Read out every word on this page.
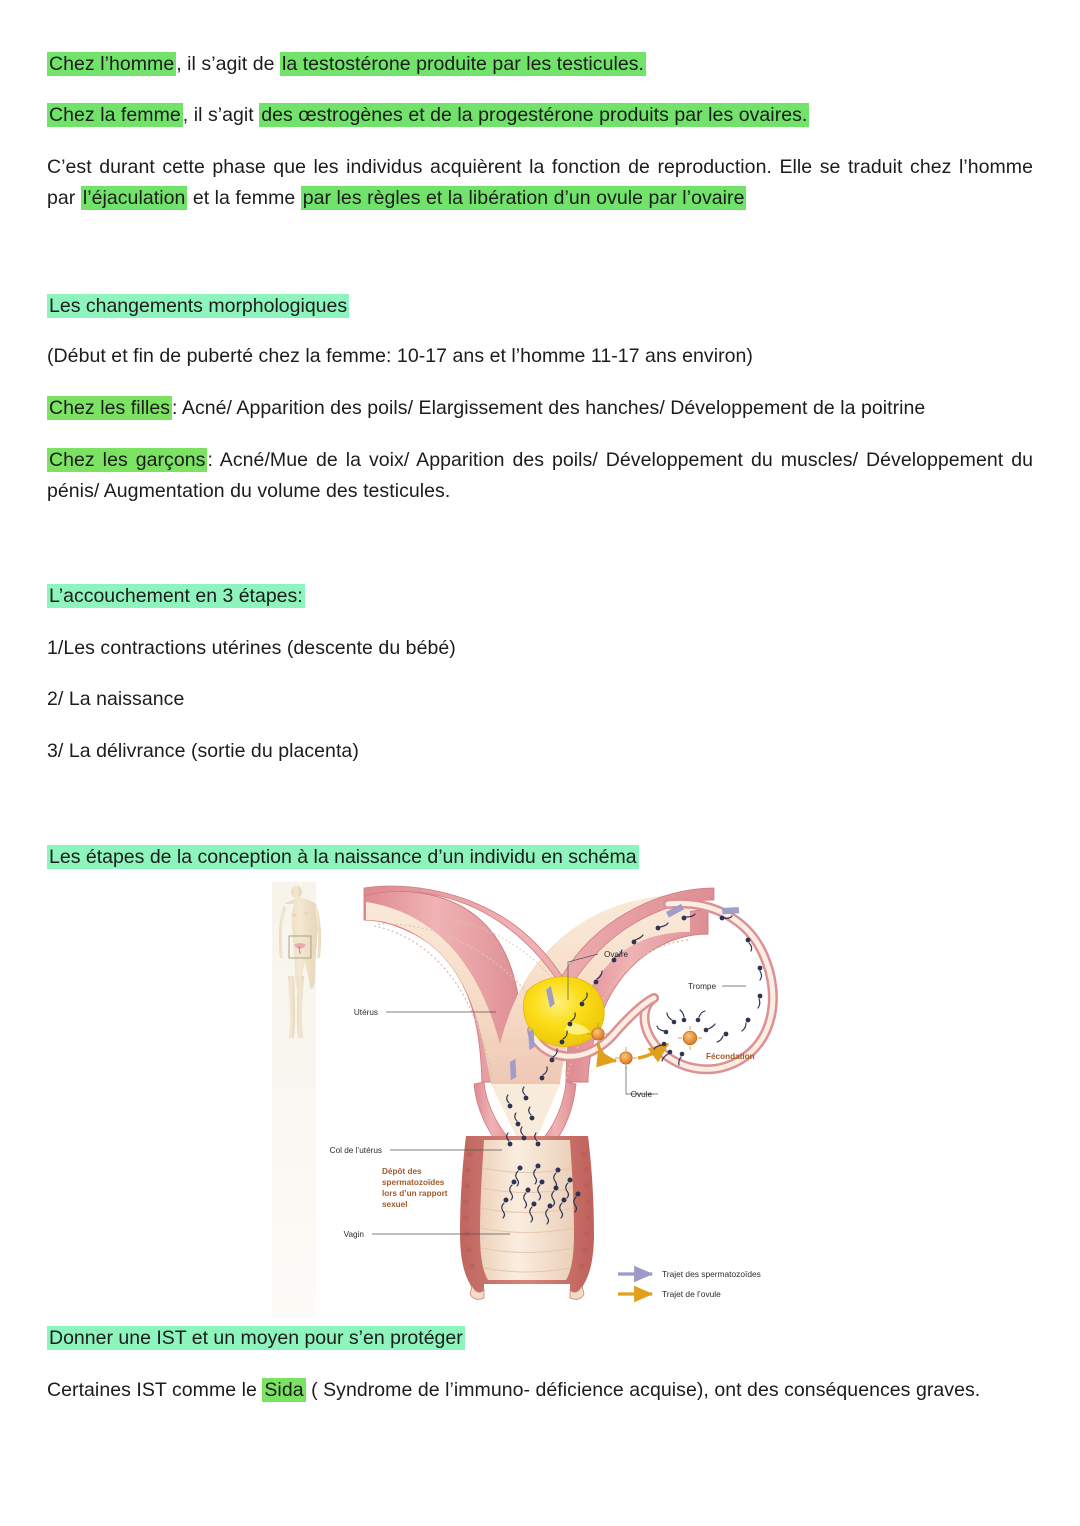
Chez l’homme , il s’agit de la testostérone produite par les testicules.
Chez la femme , il s’agit des œstrogènes et de la progestérone produits par les ovaires.
C’est durant cette phase que les individus acquièrent la fonction de reproduction. Elle se traduit chez l’homme par l’éjaculation et la femme par les règles et la libération d’un ovule par l’ovaire
Les changements morphologiques
(Début et fin de puberté chez la femme: 10-17 ans et l’homme 11-17 ans environ)
Chez les filles : Acné/ Apparition des poils/ Elargissement des hanches/ Développement de la poitrine
Chez les garçons : Acné/Mue de la voix/ Apparition des poils/ Développement du muscles/ Développement du pénis/ Augmentation du volume des testicules.
L’accouchement en 3 étapes:
1/Les contractions utérines (descente du bébé)
2/ La naissance
3/ La délivrance (sortie du placenta)
Les étapes de la conception à la naissance d’un individu en schéma
Utérus
Col de l’utérus
Vagin
Dépôt des
spermatozoïdes
lors d’un rapport
sexuel
Ovaire
Trompe
Ovule
Fécondation
Trajet des spermatozoïdes
Trajet de l’ovule
Donner une IST et un moyen pour s’en protéger
Certaines IST comme le Sida ( Syndrome de l’immuno- déficience acquise), ont des conséquences graves.
